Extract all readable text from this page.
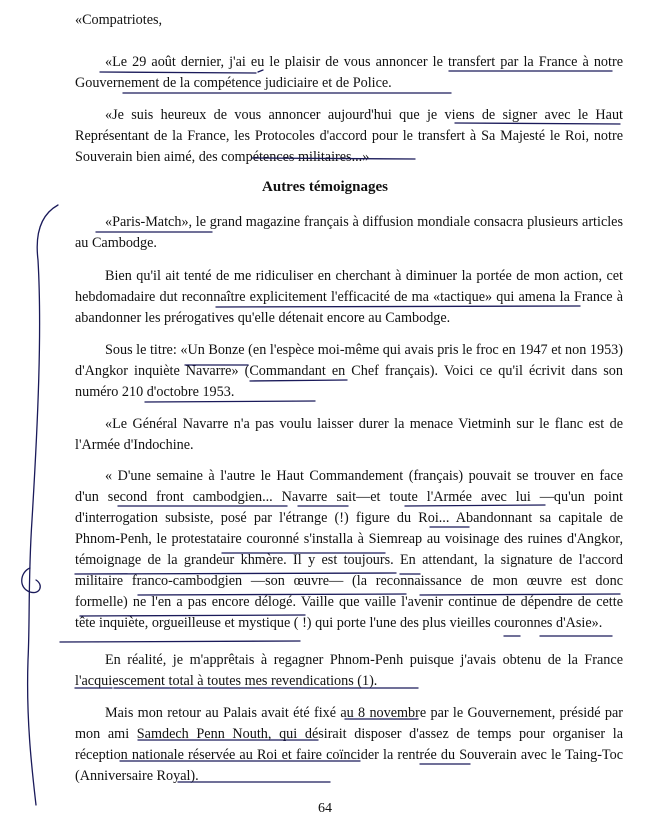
«Compatriotes,

«Le 29 août dernier, j'ai eu le plaisir de vous annoncer le transfert par la France à notre Gouvernement de la compétence judiciaire et de Police.

«Je suis heureux de vous annoncer aujourd'hui que je viens de signer avec le Haut Représentant de la France, les Protocoles d'accord pour le transfert à Sa Majesté le Roi, notre Souverain bien aimé, des compétences militaires...»

Autres témoignages

«Paris-Match», le grand magazine français à diffusion mondiale consacra plusieurs articles au Cambodge.

Bien qu'il ait tenté de me ridiculiser en cherchant à diminuer la portée de mon action, cet hebdomadaire dut reconnaître explicitement l'efficacité de ma «tactique» qui amena la France à abandonner les prérogatives qu'elle détenait encore au Cambodge.

Sous le titre: «Un Bonze (en l'espèce moi-même qui avais pris le froc en 1947 et non 1953) d'Angkor inquiète Navarre» (Commandant en Chef français). Voici ce qu'il écrivit dans son numéro 210 d'octobre 1953.

«Le Général Navarre n'a pas voulu laisser durer la menace Vietminh sur le flanc est de l'Armée d'Indochine.

« D'une semaine à l'autre le Haut Commandement (français) pouvait se trouver en face d'un second front cambodgien... Navarre sait—et toute l'Armée avec lui —qu'un point d'interrogation subsiste, posé par l'étrange (!) figure du Roi... Abandonnant sa capitale de Phnom-Penh, le protestataire couronné s'installa à Siemreap au voisinage des ruines d'Angkor, témoignage de la grandeur khmère. Il y est toujours. En attendant, la signature de l'accord militaire franco-cambodgien —son œuvre— (la reconnaissance de mon œuvre est donc formelle) ne l'en a pas encore délogé. Vaille que vaille l'avenir continue de dépendre de cette tête inquiète, orgueilleuse et mystique ( !) qui porte l'une des plus vieilles couronnes d'Asie».

En réalité, je m'apprêtais à regagner Phnom-Penh puisque j'avais obtenu de la France l'acquiescement total à toutes mes revendications (1).

Mais mon retour au Palais avait été fixé au 8 novembre par le Gouvernement, présidé par mon ami Samdech Penn Nouth, qui désirait disposer d'assez de temps pour organiser la réception nationale réservée au Roi et faire coïncider la rentrée du Souverain avec le Taing-Toc (Anniversaire Royal).

64
